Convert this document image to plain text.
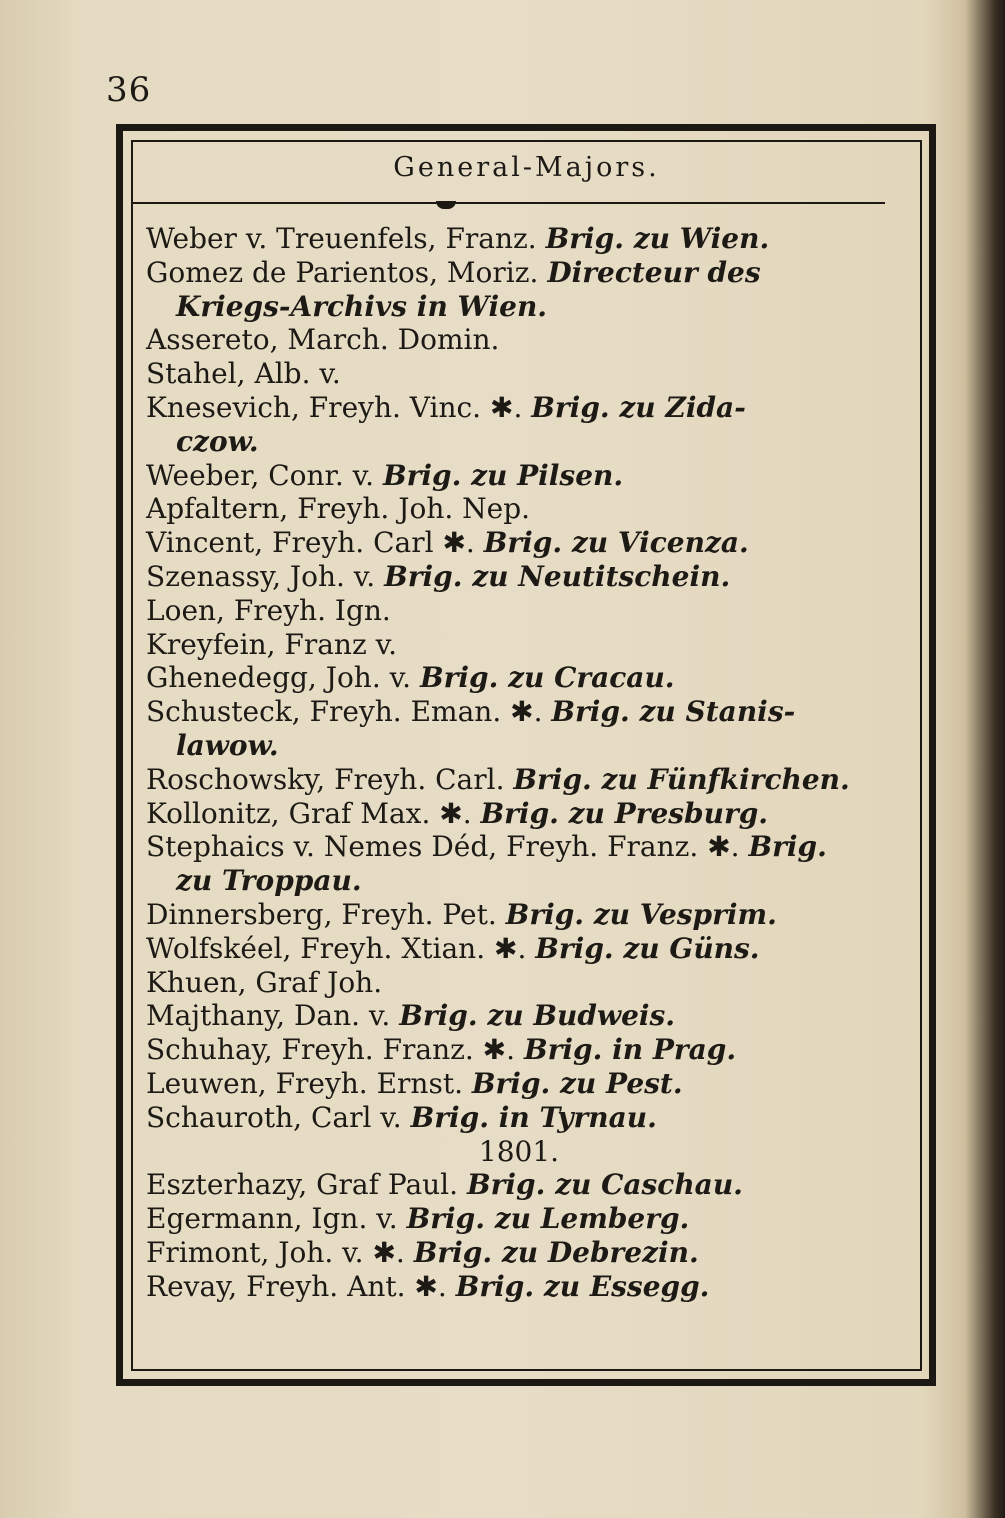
36
General-Majors.
Weber v. Treuenfels, Franz. Brig. zu Wien.
Gomez de Parientos, Moriz. Directeur des
Kriegs-Archivs in Wien.
Assereto, March. Domin.
Stahel, Alb. v.
Knesevich, Freyh. Vinc. ✱. Brig. zu Zida-
czow.
Weeber, Conr. v. Brig. zu Pilsen.
Apfaltern, Freyh. Joh. Nep.
Vincent, Freyh. Carl ✱. Brig. zu Vicenza.
Szenassy, Joh. v. Brig. zu Neutitschein.
Loen, Freyh. Ign.
Kreyfein, Franz v.
Ghenedegg, Joh. v. Brig. zu Cracau.
Schusteck, Freyh. Eman. ✱. Brig. zu Stanis-
lawow.
Roschowsky, Freyh. Carl. Brig. zu Fünfkirchen.
Kollonitz, Graf Max. ✱. Brig. zu Presburg.
Stephaics v. Nemes Déd, Freyh. Franz. ✱. Brig.
zu Troppau.
Dinnersberg, Freyh. Pet. Brig. zu Vesprim.
Wolfskéel, Freyh. Xtian. ✱. Brig. zu Güns.
Khuen, Graf Joh.
Majthany, Dan. v. Brig. zu Budweis.
Schuhay, Freyh. Franz. ✱. Brig. in Prag.
Leuwen, Freyh. Ernst. Brig. zu Pest.
Schauroth, Carl v. Brig. in Tyrnau.
1801.
Eszterhazy, Graf Paul. Brig. zu Caschau.
Egermann, Ign. v. Brig. zu Lemberg.
Frimont, Joh. v. ✱. Brig. zu Debrezin.
Revay, Freyh. Ant. ✱. Brig. zu Essegg.
